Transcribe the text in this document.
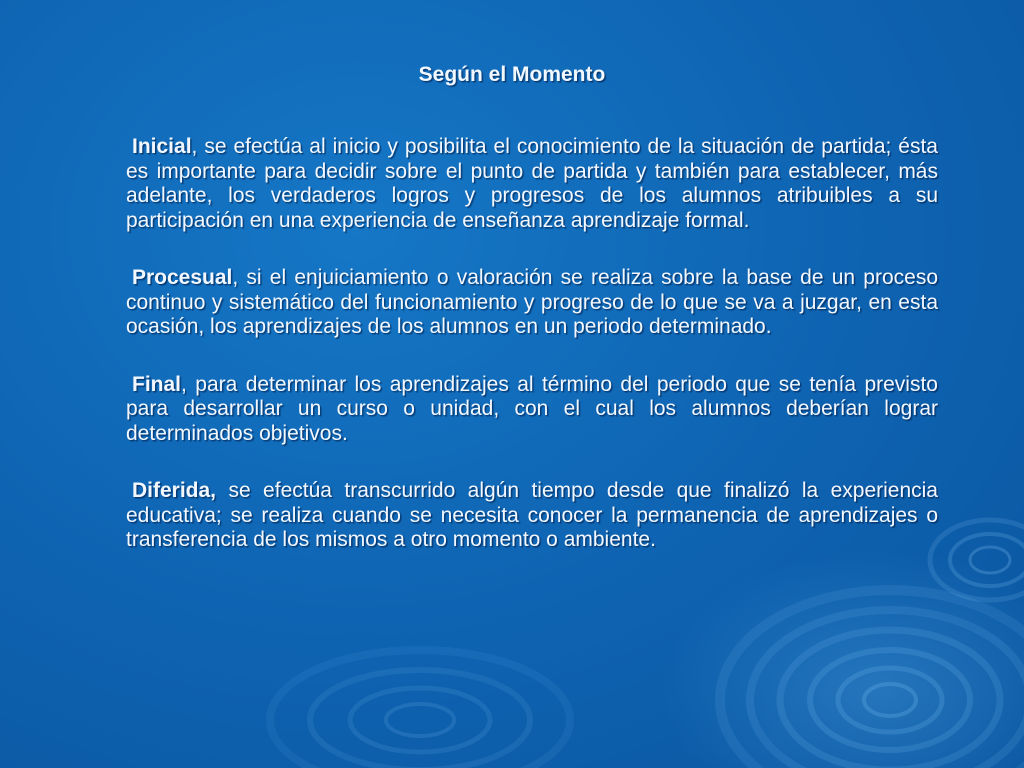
Según el Momento

Inicial, se efectúa al inicio y posibilita el conocimiento de la situación de partida; ésta es importante para decidir sobre el punto de partida y también para establecer, más adelante, los verdaderos logros y progresos de los alumnos atribuibles a su participación en una experiencia de enseñanza aprendizaje formal.

Procesual, si el enjuiciamiento o valoración se realiza sobre la base de un proceso continuo y sistemático del funcionamiento y progreso de lo que se va a juzgar, en esta ocasión, los aprendizajes de los alumnos en un periodo determinado.

Final, para determinar los aprendizajes al término del periodo que se tenía previsto para desarrollar un curso o unidad, con el cual los alumnos deberían lograr determinados objetivos.

Diferida, se efectúa transcurrido algún tiempo desde que finalizó la experiencia educativa; se realiza cuando se necesita conocer la permanencia de aprendizajes o transferencia de los mismos a otro momento o ambiente.
